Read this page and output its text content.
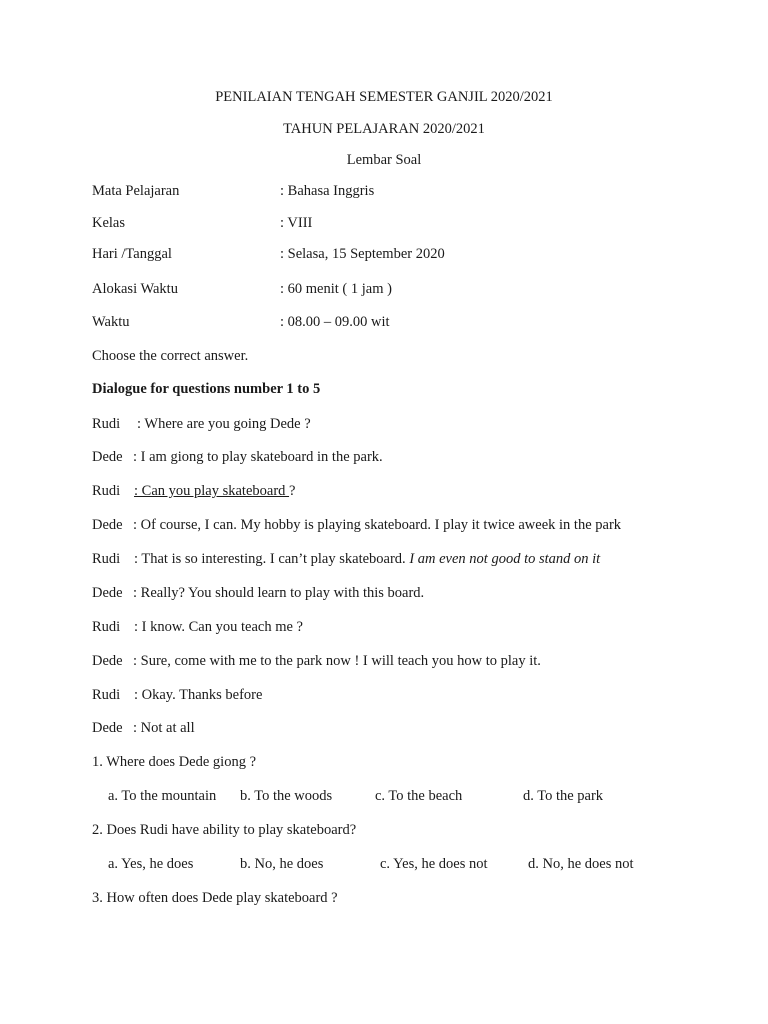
PENILAIAN TENGAH SEMESTER GANJIL 2020/2021
TAHUN PELAJARAN 2020/2021
Lembar Soal
Mata Pelajaran	: Bahasa Inggris
Kelas	: VIII
Hari /Tanggal	: Selasa, 15 September 2020
Alokasi Waktu	: 60 menit ( 1 jam )
Waktu	: 08.00 – 09.00 wit
Choose the correct answer.
Dialogue for questions number 1 to 5
Rudi : Where are you going Dede ?
Dede : I am giong to play skateboard in the park.
Rudi : Can you play skateboard ?
Dede : Of course, I can. My hobby is playing skateboard. I play it twice aweek in the park
Rudi : That is so interesting. I can’t play skateboard. I am even not good to stand on it
Dede : Really? You should learn to play with this board.
Rudi : I know. Can you teach me ?
Dede : Sure, come with me to the park now ! I will teach you how to play it.
Rudi : Okay. Thanks before
Dede : Not at all
1. Where does Dede giong ?
a. To the mountain b. To the woods	c. To the beach	d. To the park
2. Does Rudi have ability to play skateboard?
a. Yes, he does	b. No, he does	c. Yes, he does not	d. No, he does not
3. How often does Dede play skateboard ?
